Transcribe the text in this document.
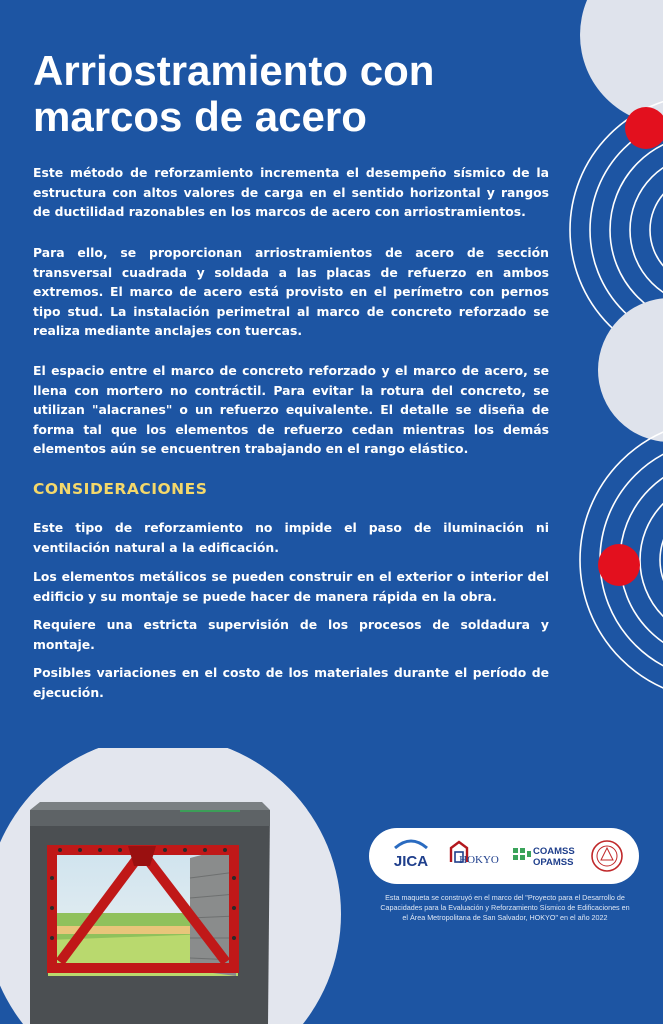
Arriostramiento con marcos de acero

Este método de reforzamiento incrementa el desempeño sísmico de la estructura con altos valores de carga en el sentido horizontal y rangos de ductilidad razonables en los marcos de acero con arriostramientos.

Para ello, se proporcionan arriostramientos de acero de sección transversal cuadrada y soldada a las placas de refuerzo en ambos extremos. El marco de acero está provisto en el perímetro con pernos tipo stud. La instalación perimetral al marco de concreto reforzado se realiza mediante anclajes con tuercas.

El espacio entre el marco de concreto reforzado y el marco de acero, se llena con mortero no contráctil. Para evitar la rotura del concreto, se utilizan "alacranes" o un refuerzo equivalente. El detalle se diseña de forma tal que los elementos de refuerzo cedan mientras los demás elementos aún se encuentren trabajando en el rango elástico.

CONSIDERACIONES

Este tipo de reforzamiento no impide el paso de iluminación ni ventilación natural a la edificación.

Los elementos metálicos se pueden construir en el exterior o interior del edificio y su montaje se puede hacer de manera rápida en la obra.

Requiere una estricta supervisión de los procesos de soldadura y montaje.

Posibles variaciones en el costo de los materiales durante el período de ejecución.

JICA	HOKYO
COAMSS
OPAMSS

Esta maqueta se construyó en el marco del "Proyecto para el Desarrollo de Capacidades para la Evaluación y Reforzamiento Sísmico de Edificaciones en el Área Metropolitana de San Salvador, HOKYO" en el año 2022
